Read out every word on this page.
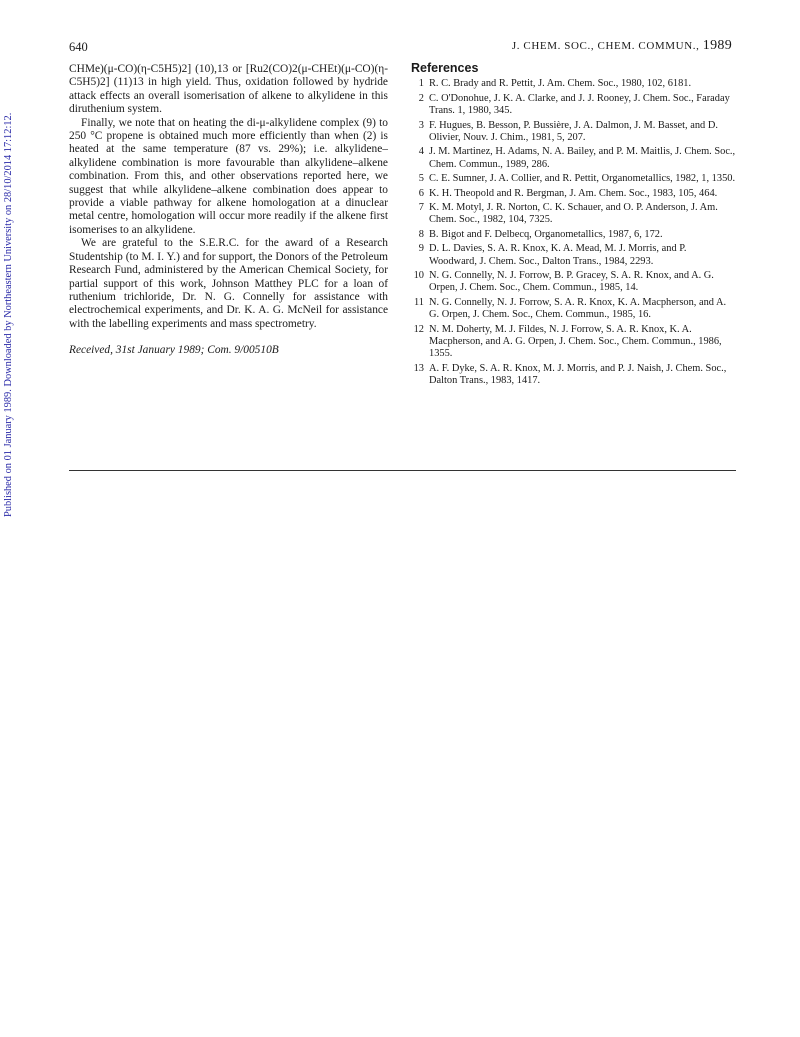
Published on 01 January 1989. Downloaded by Northeastern University on 28/10/2014 17:12:12.
640	J. CHEM. SOC., CHEM. COMMUN., 1989

CHMe)(μ-CO)(η-C5H5)2] (10),13 or [Ru2(CO)2(μ-CHEt)(μ-CO)(η-C5H5)2] (11)13 in high yield. Thus, oxidation followed by hydride attack effects an overall isomerisation of alkene to alkylidene in this diruthenium system.

Finally, we note that on heating the di-μ-alkylidene complex (9) to 250 °C propene is obtained much more efficiently than when (2) is heated at the same temperature (87 vs. 29%); i.e. alkylidene–alkylidene combination is more favourable than alkylidene–alkene combination. From this, and other observations reported here, we suggest that while alkylidene–alkene combination does appear to provide a viable pathway for alkene homologation at a dinuclear metal centre, homologation will occur more readily if the alkene first isomerises to an alkylidene.

We are grateful to the S.E.R.C. for the award of a Research Studentship (to M. I. Y.) and for support, the Donors of the Petroleum Research Fund, administered by the American Chemical Society, for partial support of this work, Johnson Matthey PLC for a loan of ruthenium trichloride, Dr. N. G. Connelly for assistance with electrochemical experiments, and Dr. K. A. G. McNeil for assistance with the labelling experiments and mass spectrometry.

Received, 31st January 1989; Com. 9/00510B

References
1 R. C. Brady and R. Pettit, J. Am. Chem. Soc., 1980, 102, 6181.
2 C. O'Donohue, J. K. A. Clarke, and J. J. Rooney, J. Chem. Soc., Faraday Trans. 1, 1980, 345.
3 F. Hugues, B. Besson, P. Bussière, J. A. Dalmon, J. M. Basset, and D. Olivier, Nouv. J. Chim., 1981, 5, 207.
4 J. M. Martinez, H. Adams, N. A. Bailey, and P. M. Maitlis, J. Chem. Soc., Chem. Commun., 1989, 286.
5 C. E. Sumner, J. A. Collier, and R. Pettit, Organometallics, 1982, 1, 1350.
6 K. H. Theopold and R. Bergman, J. Am. Chem. Soc., 1983, 105, 464.
7 K. M. Motyl, J. R. Norton, C. K. Schauer, and O. P. Anderson, J. Am. Chem. Soc., 1982, 104, 7325.
8 B. Bigot and F. Delbecq, Organometallics, 1987, 6, 172.
9 D. L. Davies, S. A. R. Knox, K. A. Mead, M. J. Morris, and P. Woodward, J. Chem. Soc., Dalton Trans., 1984, 2293.
10 N. G. Connelly, N. J. Forrow, B. P. Gracey, S. A. R. Knox, and A. G. Orpen, J. Chem. Soc., Chem. Commun., 1985, 14.
11 N. G. Connelly, N. J. Forrow, S. A. R. Knox, K. A. Macpherson, and A. G. Orpen, J. Chem. Soc., Chem. Commun., 1985, 16.
12 N. M. Doherty, M. J. Fildes, N. J. Forrow, S. A. R. Knox, K. A. Macpherson, and A. G. Orpen, J. Chem. Soc., Chem. Commun., 1986, 1355.
13 A. F. Dyke, S. A. R. Knox, M. J. Morris, and P. J. Naish, J. Chem. Soc., Dalton Trans., 1983, 1417.
